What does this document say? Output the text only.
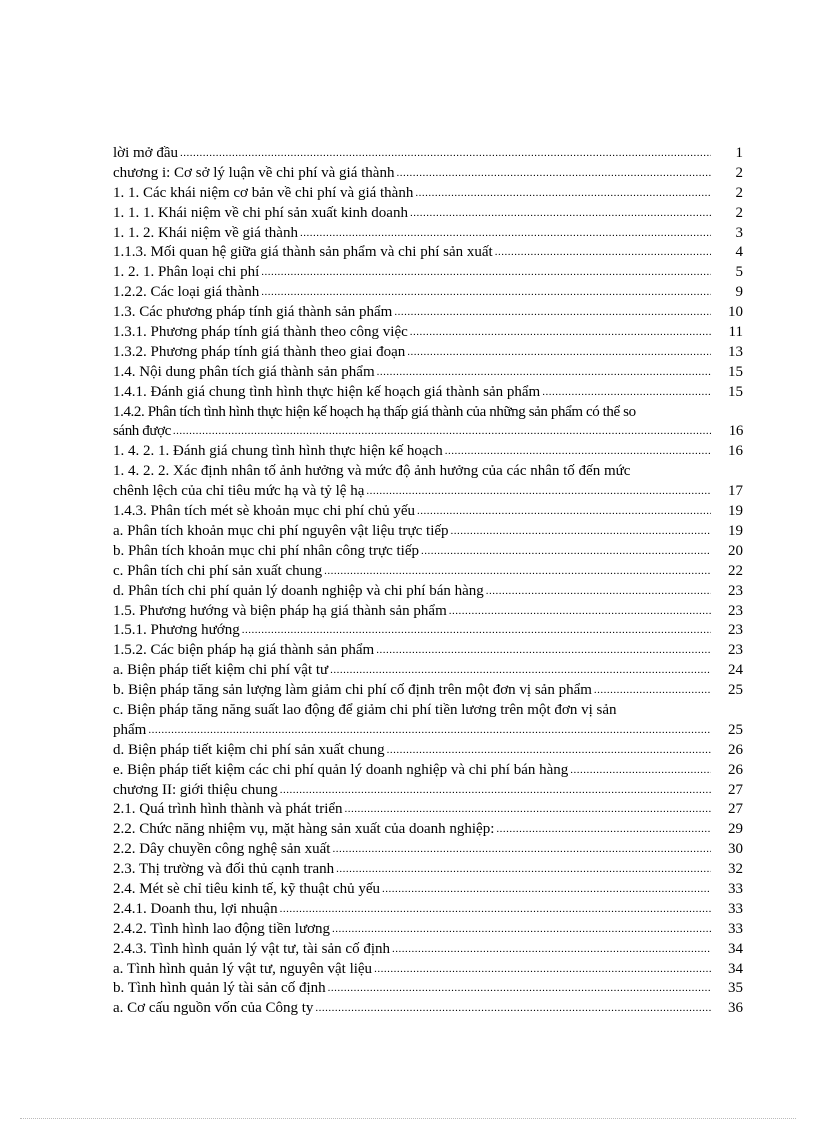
lời mở đầu .....	1
chương i: Cơ sở lý luận về chi phí và giá thành .....	2
1. 1. Các khái niệm cơ bản về chi phí và giá thành .....	2
1. 1. 1. Khái niệm về chi phí sản xuất kinh doanh .....	2
1. 1. 2. Khái niệm về giá thành .....	3
1.1.3. Mối quan hệ giữa giá thành sản phẩm và chi phí sản xuất .....	4
1. 2. 1. Phân loại chi phí .....	5
1.2.2. Các loại giá thành .....	9
1.3. Các phương pháp tính giá thành sản phẩm .....	10
1.3.1. Phương pháp tính giá thành theo công việc .....	11
1.3.2. Phương pháp tính giá thành theo giai đoạn .....	13
1.4. Nội dung phân tích giá thành sản phẩm .....	15
1.4.1. Đánh giá chung tình hình thực hiện kế hoạch giá thành sản phẩm .....	15
1.4.2. Phân tích tình hình thực hiện kế hoạch hạ thấp giá thành của những sản phẩm có thể so
sánh được .....	16
1. 4. 2. 1. Đánh giá chung tình hình thực hiện kế hoạch .....	16
1. 4. 2. 2. Xác định nhân tố ảnh hưởng và mức độ ảnh hưởng của các nhân tố đến mức
chênh lệch của chỉ tiêu mức hạ và tỷ lệ hạ .....	17
1.4.3. Phân tích mét sè khoản mục chi phí chủ yếu .....	19
a. Phân tích khoản mục chi phí nguyên vật liệu trực tiếp .....	19
b. Phân tích khoản mục chi phí nhân công trực tiếp .....	20
c. Phân tích chi phí sản xuất chung .....	22
d. Phân tích chi phí quản lý doanh nghiệp và chi phí bán hàng .....	23
1.5. Phương hướng và biện pháp hạ giá thành sản phẩm .....	23
1.5.1. Phương hướng .....	23
1.5.2. Các biện pháp hạ giá thành sản phẩm .....	23
a. Biện pháp tiết kiệm chi phí vật tư .....	24
b. Biện pháp tăng sản lượng làm giảm chi phí cố định trên một đơn vị sản phẩm .....	25
c. Biện pháp tăng năng suất lao động để giảm chi phí tiền lương trên một đơn vị sản
phẩm .....	25
d. Biện pháp tiết kiệm chi phí sản xuất chung .....	26
e. Biện pháp tiết kiệm các chi phí quản lý doanh nghiệp và chi phí bán hàng .....	26
chương II: giới thiệu chung .....	27
2.1. Quá trình hình thành và phát triển .....	27
2.2. Chức năng nhiệm vụ, mặt hàng sản xuất của doanh nghiệp: .....	29
2.2. Dây chuyền công nghệ sản xuất .....	30
2.3. Thị trường và đối thủ cạnh tranh .....	32
2.4. Mét sè chỉ tiêu kinh tế, kỹ thuật chủ yếu .....	33
2.4.1. Doanh thu, lợi nhuận .....	33
2.4.2. Tình hình lao động tiền lương .....	33
2.4.3. Tình hình quản lý vật tư, tài sản cố định .....	34
a. Tình hình quản lý vật tư, nguyên vật liệu .....	34
b. Tình hình quản lý tài sản cố định .....	35
a. Cơ cấu nguồn vốn của Công ty .....	36
